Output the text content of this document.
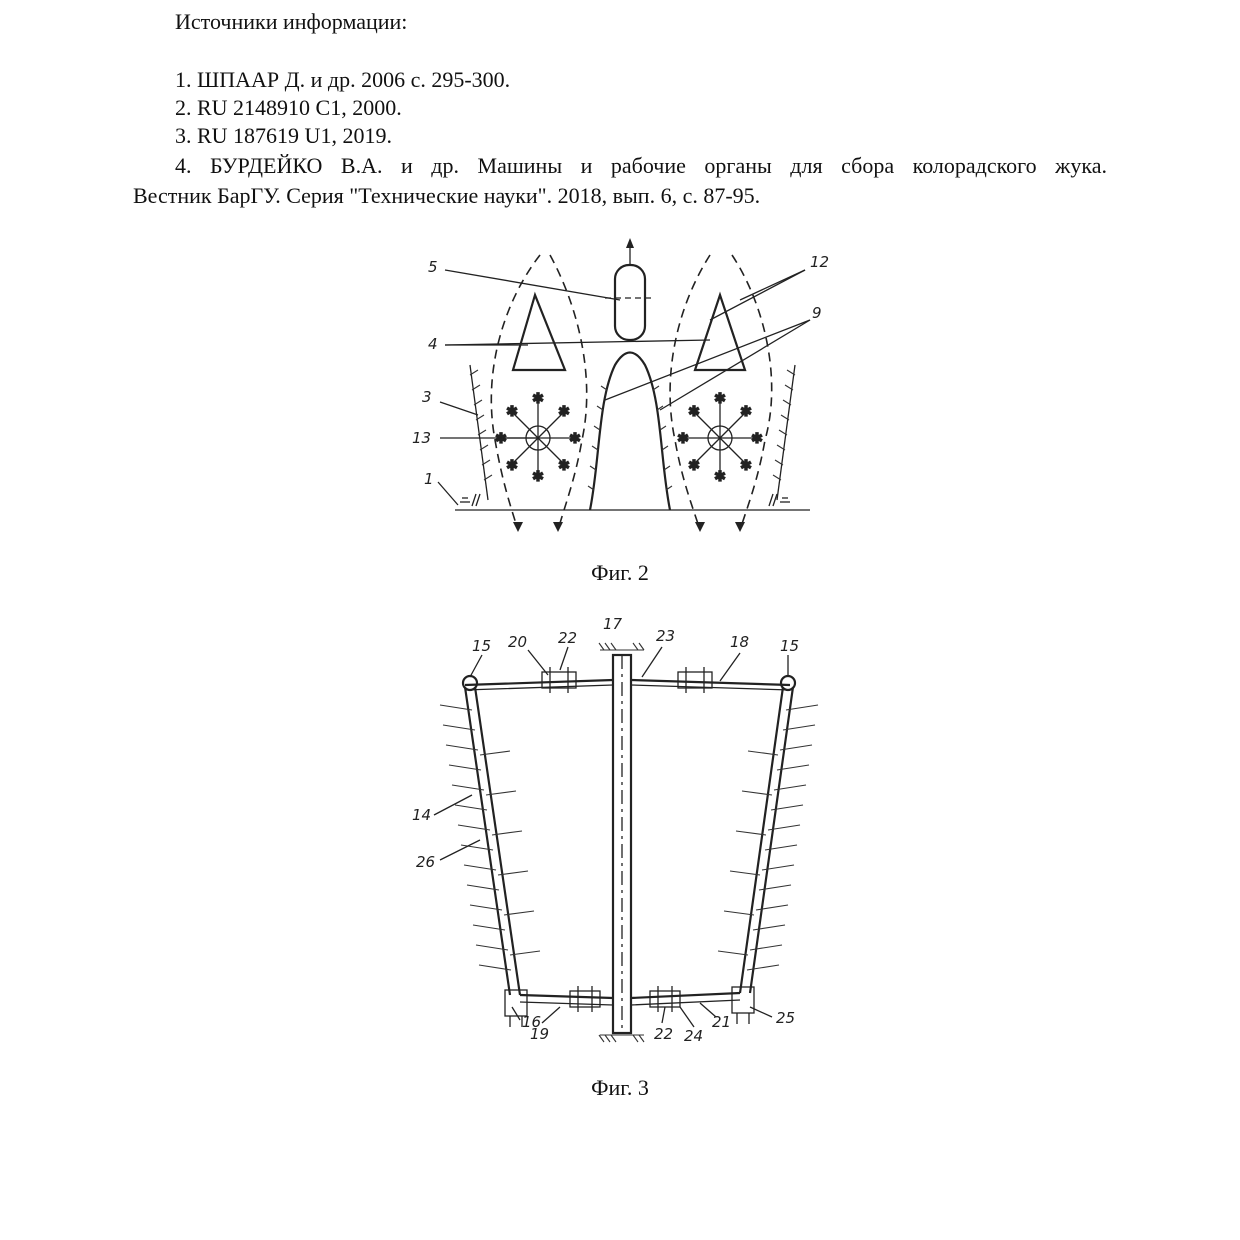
Источники информации:
1. ШПААР Д. и др. 2006 с. 295-300.
2. RU 2148910 С1, 2000.
3. RU 187619 U1, 2019.
4. БУРДЕЙКО В.А. и др. Машины и рабочие органы для сбора колорадского жука.
Вестник БарГУ. Серия "Технические науки". 2018, вып. 6, с. 87-95.
✱
✱
✱	✱
✱	✱
✱	✱
✱
✱
✱	✱
✱	✱
✱	✱
5	12
9
4
3
13
1
Фиг. 2
15 20 22
17
23	18 15
14
26
16
19	22 24
21	25
Фиг. 3
